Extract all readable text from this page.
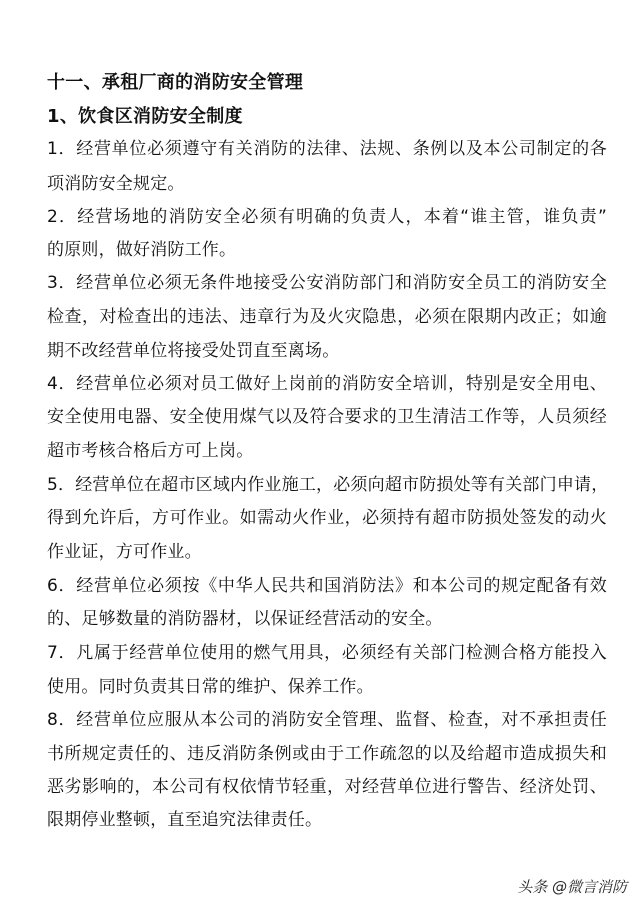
十一、承租厂商的消防安全管理
1、饮食区消防安全制度
1．经营单位必须遵守有关消防的法律、法规、条例以及本公司制定的各
项消防安全规定。
2．经营场地的消防安全必须有明确的负责人，本着“谁主管，谁负责”
的原则，做好消防工作。
3．经营单位必须无条件地接受公安消防部门和消防安全员工的消防安全
检查，对检查出的违法、违章行为及火灾隐患，必须在限期内改正；如逾
期不改经营单位将接受处罚直至离场。
4．经营单位必须对员工做好上岗前的消防安全培训，特别是安全用电、
安全使用电器、安全使用煤气以及符合要求的卫生清洁工作等，人员须经
超市考核合格后方可上岗。
5．经营单位在超市区域内作业施工，必须向超市防损处等有关部门申请，
得到允许后，方可作业。如需动火作业，必须持有超市防损处签发的动火
作业证，方可作业。
6．经营单位必须按《中华人民共和国消防法》和本公司的规定配备有效
的、足够数量的消防器材，以保证经营活动的安全。
7．凡属于经营单位使用的燃气用具，必须经有关部门检测合格方能投入
使用。同时负责其日常的维护、保养工作。
8．经营单位应服从本公司的消防安全管理、监督、检查，对不承担责任
书所规定责任的、违反消防条例或由于工作疏忽的以及给超市造成损失和
恶劣影响的，本公司有权依情节轻重，对经营单位进行警告、经济处罚、
限期停业整顿，直至追究法律责任。
头条 @微言消防
